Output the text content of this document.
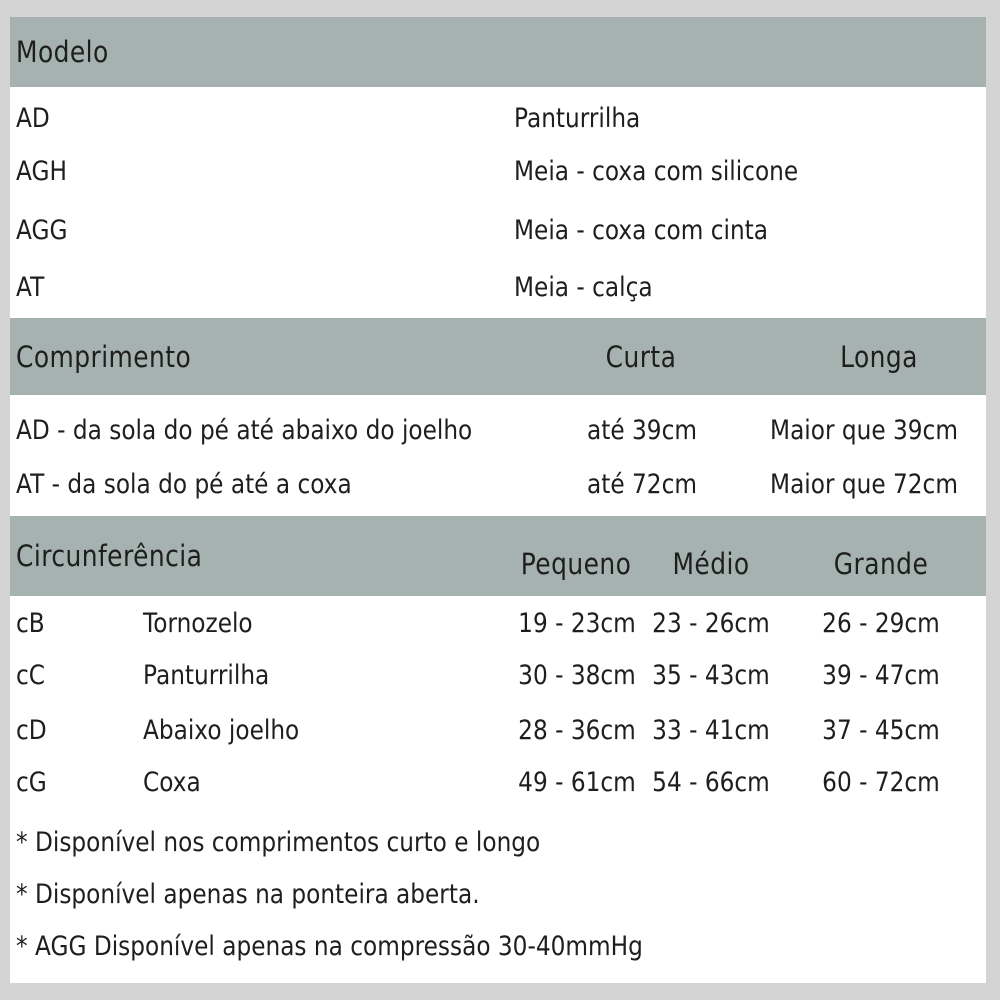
Modelo
AD	Panturrilha
AGH	Meia - coxa com silicone
AGG	Meia - coxa com cinta
AT	Meia - calça
Comprimento	Curta	Longa
AD - da sola do pé até abaixo do joelho	até 39cm	Maior que 39cm
AT - da sola do pé até a coxa	até 72cm	Maior que 72cm
Circunferência	Pequeno Médio	Grande
cB	Tornozelo	19 - 23cm 23 - 26cm 26 - 29cm
cC	Panturrilha	30 - 38cm 35 - 43cm 39 - 47cm
cD	Abaixo joelho	28 - 36cm 33 - 41cm 37 - 45cm
cG	Coxa	49 - 61cm 54 - 66cm 60 - 72cm
* Disponível nos comprimentos curto e longo
* Disponível apenas na ponteira aberta.
* AGG Disponível apenas na compressão 30-40mmHg
